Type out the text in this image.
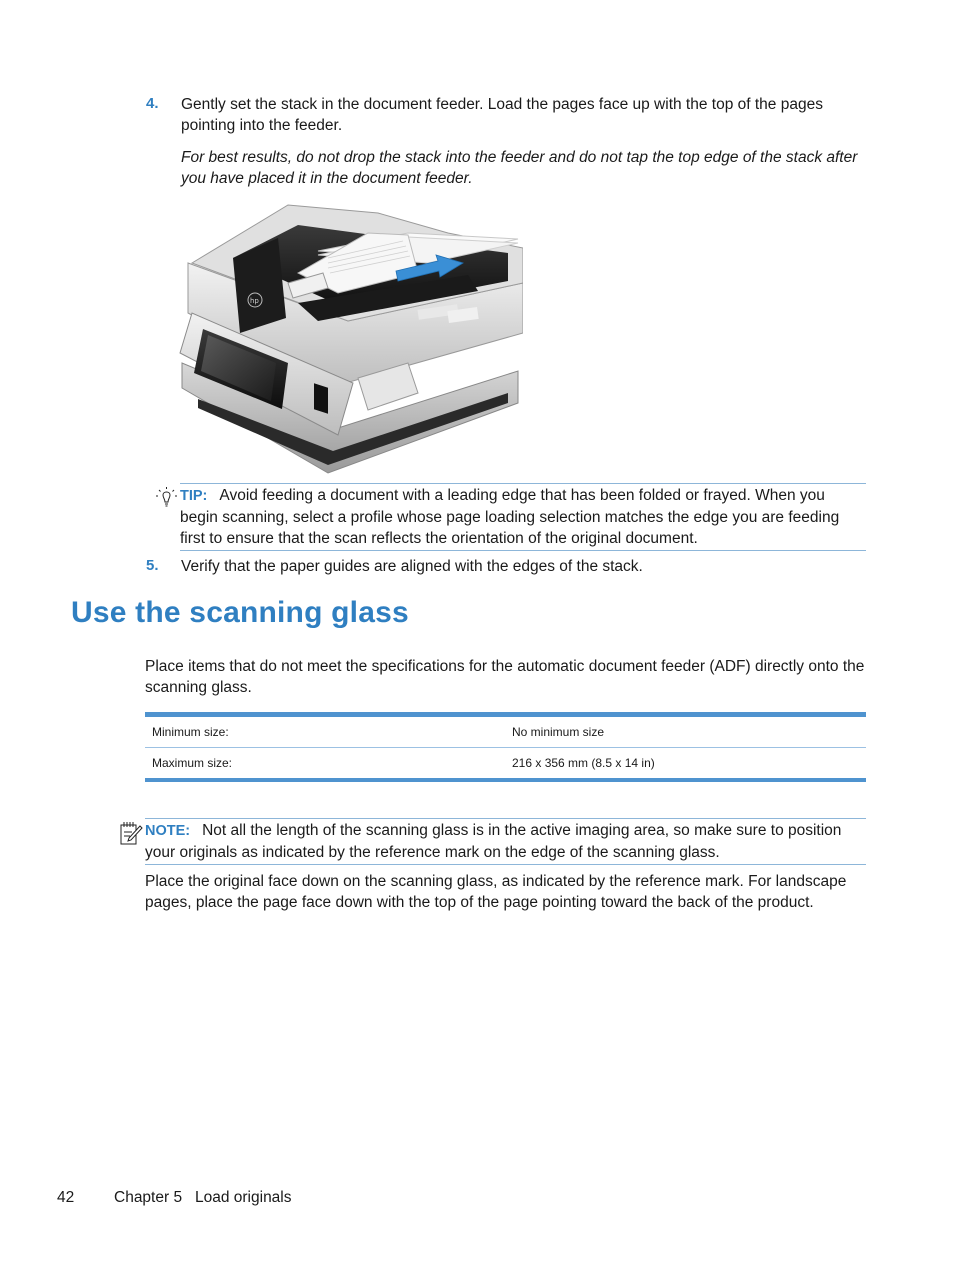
4. Gently set the stack in the document feeder. Load the pages face up with the top of the pages pointing into the feeder.
For best results, do not drop the stack into the feeder and do not tap the top edge of the stack after you have placed it in the document feeder.
hp
TIP: Avoid feeding a document with a leading edge that has been folded or frayed. When you begin scanning, select a profile whose page loading selection matches the edge you are feeding first to ensure that the scan reflects the orientation of the original document.
5. Verify that the paper guides are aligned with the edges of the stack.
Use the scanning glass
Place items that do not meet the specifications for the automatic document feeder (ADF) directly onto the scanning glass.
Minimum size:	No minimum size
Maximum size:	216 x 356 mm (8.5 x 14 in)
NOTE: Not all the length of the scanning glass is in the active imaging area, so make sure to position your originals as indicated by the reference mark on the edge of the scanning glass.
Place the original face down on the scanning glass, as indicated by the reference mark. For landscape pages, place the page face down with the top of the page pointing toward the back of the product.
42	Chapter 5   Load originals
